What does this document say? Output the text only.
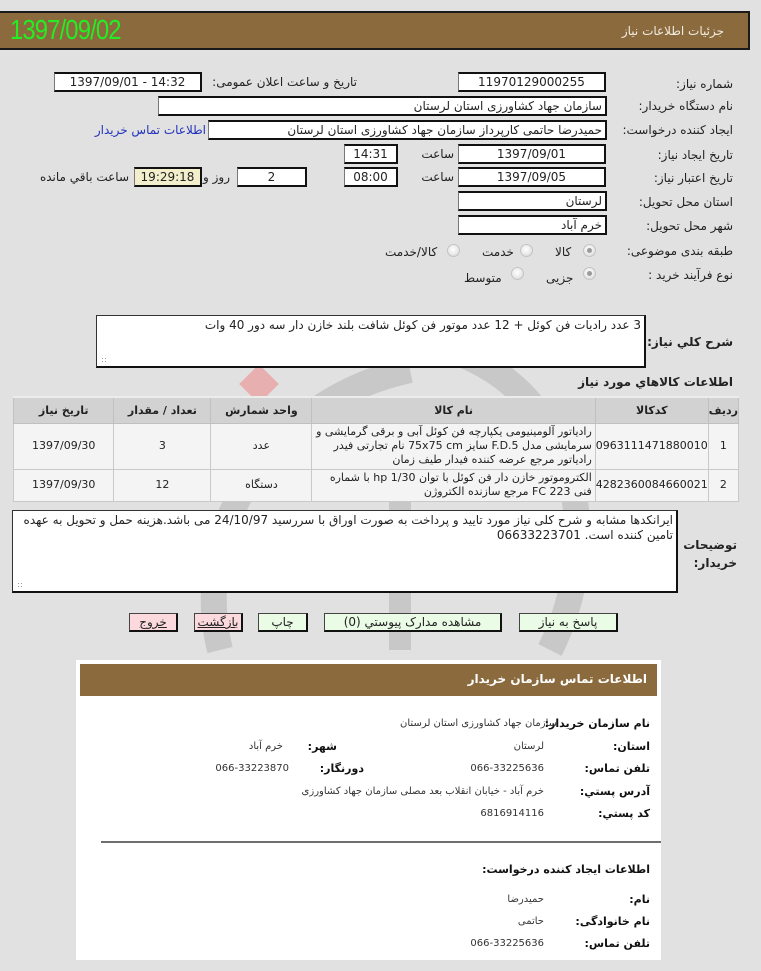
1397/09/02	جزئیات اطلاعات نیاز
شماره نیاز:
11970129000255
تاریخ و ساعت اعلان عمومی:
1397/09/01 - 14:32
نام دستگاه خریدار:
سازمان جهاد کشاورزی استان لرستان
ایجاد کننده درخواست:
حمیدرضا حاتمی کارپرداز سازمان جهاد کشاورزی استان لرستان
اطلاعات تماس خریدار
تاریخ ایجاد نیاز:
1397/09/01
ساعت
14:31
تاریخ اعتبار نیاز:
1397/09/05
ساعت
08:00
2
روز و
19:29:18
ساعت باقي مانده
استان محل تحویل:
لرستان
شهر محل تحویل:
خرم آباد
طبقه بندی موضوعی:
کالا
خدمت
کالا/خدمت
نوع فرآیند خرید :
جزیی
متوسط
شرح کلي نیاز:
3 عدد رادیات فن کوئل + 12 عدد موتور فن کوئل شافت بلند خازن دار سه دور 40 وات
اطلاعات کالاهاي مورد نیاز
ردیف	کدکالا	نام کالا	واحد شمارش	تعداد / مقدار	تاریخ نیاز
1	0963111471880010	رادیاتور آلومینیومی یکپارچه فن کوئل آبی و برقی گرمایشی و سرمایشی مدل F.D.5 سایز 75x75 cm نام تجارتی فیدر رادیاتور مرجع عرضه کننده فیدار طیف زمان	عدد	3	1397/09/30
2	4282360084660021	الکتروموتور خازن دار فن کوئل با توان 1/30 hp با شماره فنی FC 223 مرجع سازنده الکتروژن	دستگاه	12	1397/09/30
توضیحات
خریدار:
ایرانکدها مشابه و شرح کلی نیاز مورد تایید و پرداخت به صورت اوراق با سررسید 24/10/97 می باشد.هزینه حمل و تحویل به عهده تامین کننده است. 06633223701
پاسخ به نیاز
مشاهده مدارک پیوستي (0)
چاپ
بازگشت
خروج
اطلاعات تماس سازمان خریدار
نام سازمان خریدار:
سازمان جهاد کشاورزی استان لرستان
استان:
لرستان
شهر:
خرم آباد
تلفن تماس:
066-33225636
دورنگار:
066-33223870
آدرس پستي:
خرم آباد - خیابان انقلاب بعد مصلی سازمان جهاد کشاورزی
کد پستي:
6816914116
اطلاعات ایجاد کننده درخواست:
نام:
حمیدرضا
نام خانوادگی:
حاتمی
تلفن تماس:
066-33225636
